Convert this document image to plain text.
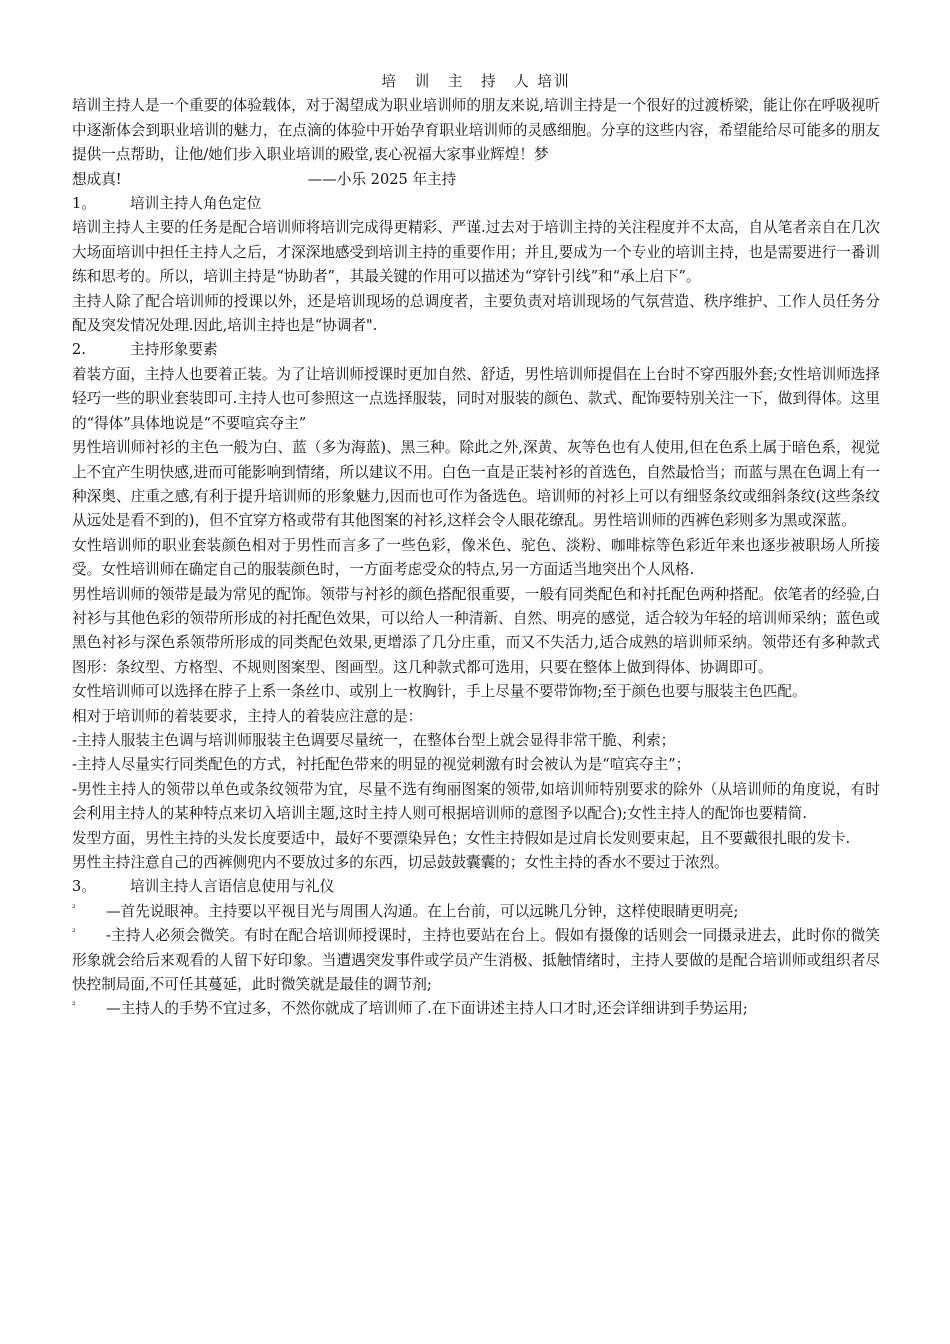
培　训　主　持　人 培训

培训主持人是一个重要的体验载体，对于渴望成为职业培训师的朋友来说,培训主持是一个很好的过渡桥梁，能让你在呼吸视听中逐渐体会到职业培训的魅力，在点滴的体验中开始孕育职业培训师的灵感细胞。分享的这些内容，希望能给尽可能多的朋友提供一点帮助，让他/她们步入职业培训的殿堂,衷心祝福大家事业辉煌！梦

想成真!	——小乐 2025 年主持

1。 培训主持人角色定位

培训主持人主要的任务是配合培训师将培训完成得更精彩、严谨.过去对于培训主持的关注程度并不太高，自从笔者亲自在几次大场面培训中担任主持人之后，才深深地感受到培训主持的重要作用；并且,要成为一个专业的培训主持，也是需要进行一番训练和思考的。所以，培训主持是“协助者”，其最关键的作用可以描述为“穿针引线”和“承上启下”。

主持人除了配合培训师的授课以外，还是培训现场的总调度者，主要负责对培训现场的气氛营造、秩序维护、工作人员任务分配及突发情况处理.因此,培训主持也是“协调者".

2.	主持形象要素

着装方面，主持人也要着正装。为了让培训师授课时更加自然、舒适，男性培训师提倡在上台时不穿西服外套;女性培训师选择轻巧一些的职业套装即可.主持人也可参照这一点选择服装，同时对服装的颜色、款式、配饰要特别关注一下，做到得体。这里的“得体”具体地说是“不要喧宾夺主”

男性培训师衬衫的主色一般为白、蓝（多为海蓝)、黑三种。除此之外,深黄、灰等色也有人使用,但在色系上属于暗色系，视觉上不宜产生明快感,进而可能影响到情绪，所以建议不用。白色一直是正装衬衫的首选色，自然最恰当；而蓝与黑在色调上有一种深奥、庄重之感,有利于提升培训师的形象魅力,因而也可作为备选色。培训师的衬衫上可以有细竖条纹或细斜条纹(这些条纹从远处是看不到的)，但不宜穿方格或带有其他图案的衬衫,这样会令人眼花缭乱。男性培训师的西裤色彩则多为黑或深蓝。

女性培训师的职业套装颜色相对于男性而言多了一些色彩，像米色、驼色、淡粉、咖啡棕等色彩近年来也逐步被职场人所接受。女性培训师在确定自己的服装颜色时，一方面考虑受众的特点,另一方面适当地突出个人风格.

男性培训师的领带是最为常见的配饰。领带与衬衫的颜色搭配很重要，一般有同类配色和衬托配色两种搭配。依笔者的经验,白衬衫与其他色彩的领带所形成的衬托配色效果，可以给人一种清新、自然、明亮的感觉，适合较为年轻的培训师采纳；蓝色或黑色衬衫与深色系领带所形成的同类配色效果,更增添了几分庄重，而又不失活力,适合成熟的培训师采纳。领带还有多种款式图形：条纹型、方格型、不规则图案型、图画型。这几种款式都可选用，只要在整体上做到得体、协调即可。

女性培训师可以选择在脖子上系一条丝巾、或别上一枚胸针，手上尽量不要带饰物;至于颜色也要与服装主色匹配。

相对于培训师的着装要求，主持人的着装应注意的是：

-主持人服装主色调与培训师服装主色调要尽量统一，在整体台型上就会显得非常干脆、利索；

-主持人尽量实行同类配色的方式，衬托配色带来的明显的视觉刺激有时会被认为是“喧宾夺主”；

-男性主持人的领带以单色或条纹领带为宜，尽量不选有绚丽图案的领带,如培训师特别要求的除外（从培训师的角度说，有时会利用主持人的某种特点来切入培训主题,这时主持人则可根据培训师的意图予以配合);女性主持人的配饰也要精简.

发型方面，男性主持的头发长度要适中，最好不要漂染异色；女性主持假如是过肩长发则要束起，且不要戴很扎眼的发卡.

男性主持注意自己的西裤侧兜内不要放过多的东西，切忌鼓鼓囊囊的；女性主持的香水不要过于浓烈。

3。 培训主持人言语信息使用与礼仪

² —首先说眼神。主持要以平视目光与周围人沟通。在上台前，可以远眺几分钟，这样使眼睛更明亮;

² -主持人必须会微笑。有时在配合培训师授课时，主持也要站在台上。假如有摄像的话则会一同摄录进去，此时你的微笑形象就会给后来观看的人留下好印象。当遭遇突发事件或学员产生消极、抵触情绪时，主持人要做的是配合培训师或组织者尽快控制局面,不可任其蔓延，此时微笑就是最佳的调节剂;

² —主持人的手势不宜过多，不然你就成了培训师了.在下面讲述主持人口才时,还会详细讲到手势运用;
